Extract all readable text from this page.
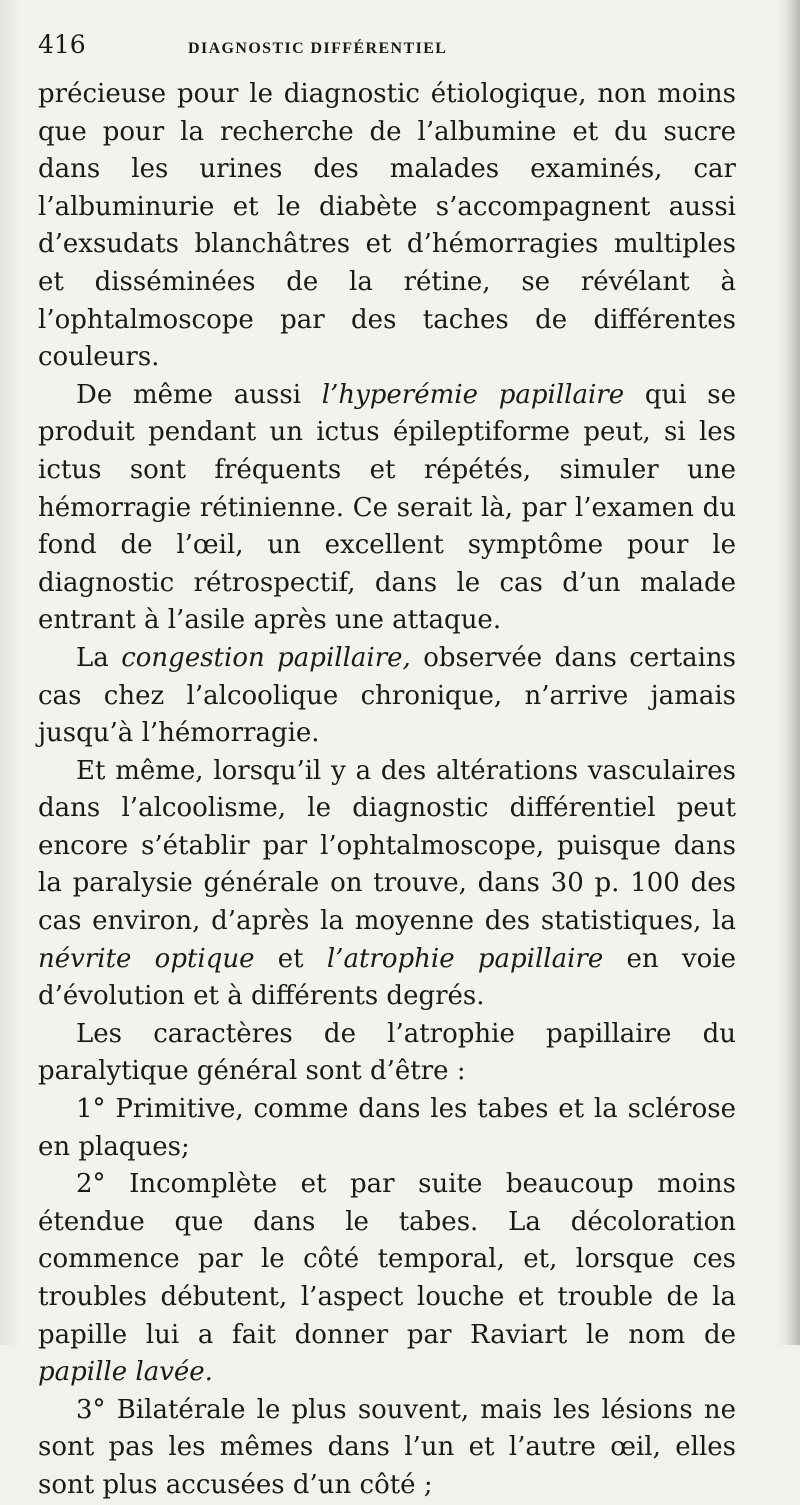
416	DIAGNOSTIC DIFFÉRENTIEL

précieuse pour le diagnostic étiologique, non moins que pour la recherche de l’albumine et du sucre dans les urines des malades examinés, car l’albuminurie et le diabète s’accompagnent aussi d’exsudats blanchâtres et d’hémorragies multiples et disséminées de la rétine, se révélant à l’ophtalmoscope par des taches de différentes couleurs.

De même aussi l’hyperémie papillaire qui se produit pendant un ictus épileptiforme peut, si les ictus sont fréquents et répétés, simuler une hémorragie rétinienne. Ce serait là, par l’examen du fond de l’œil, un excellent symptôme pour le diagnostic rétrospectif, dans le cas d’un malade entrant à l’asile après une attaque.

La congestion papillaire, observée dans certains cas chez l’alcoolique chronique, n’arrive jamais jusqu’à l’hémorragie.

Et même, lorsqu’il y a des altérations vasculaires dans l’alcoolisme, le diagnostic différentiel peut encore s’établir par l’ophtalmoscope, puisque dans la paralysie générale on trouve, dans 30 p. 100 des cas environ, d’après la moyenne des statistiques, la névrite optique et l’atrophie papillaire en voie d’évolution et à différents degrés.

Les caractères de l’atrophie papillaire du paralytique général sont d’être :

1° Primitive, comme dans les tabes et la sclérose en plaques;

2° Incomplète et par suite beaucoup moins étendue que dans le tabes. La décoloration commence par le côté temporal, et, lorsque ces troubles débutent, l’aspect louche et trouble de la papille lui a fait donner par Raviart le nom de papille lavée.

3° Bilatérale le plus souvent, mais les lésions ne sont pas les mêmes dans l’un et l’autre œil, elles sont plus accusées d’un côté ;
